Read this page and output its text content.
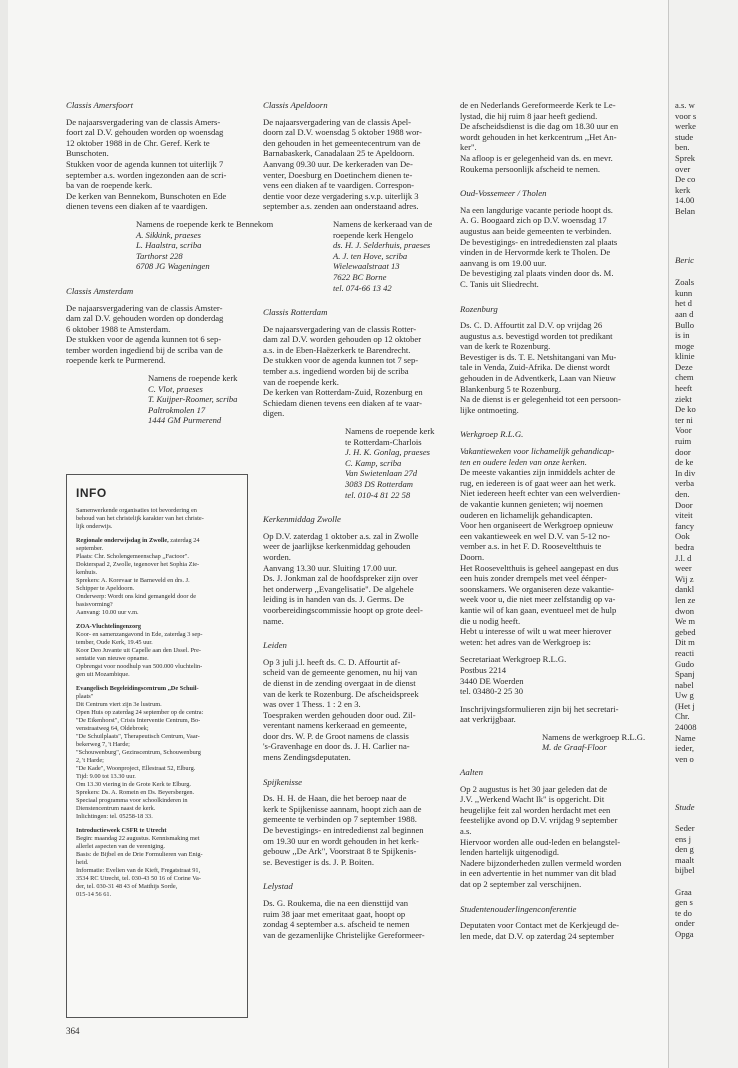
Classis Amersfoort

De najaarsvergadering van de classis Amers-
foort zal D.V. gehouden worden op woensdag
12 oktober 1988 in de Chr. Geref. Kerk te
Bunschoten.
Stukken voor de agenda kunnen tot uiterlijk 7
september a.s. worden ingezonden aan de scri-
ba van de roepende kerk.
De kerken van Bennekom, Bunschoten en Ede
dienen tevens een diaken af te vaardigen.

Namens de roepende kerk te Bennekom
A. Sikkink, praeses
L. Haalstra, scriba
Tarthorst 228
6708 JG Wageningen
Classis Amsterdam

De najaarsvergadering van de classis Amster-
dam zal D.V. gehouden worden op donderdag
6 oktober 1988 te Amsterdam.
De stukken voor de agenda kunnen tot 6 sep-
tember worden ingediend bij de scriba van de
roepende kerk te Purmerend.

Namens de roepende kerk
C. Vlot, praeses
T. Kuijper-Roomer, scriba
Paltrokmolen 17
1444 GM Purmerend
INFO
Samenwerkende organisaties tot bevordering en
behoud van het christelijk karakter van het christe-
lijk onderwijs.
Regionale onderwijsdag in Zwolle, zaterdag 24
september.
Plaats: Chr. Scholengemeenschap ,,Factoor".
Dokterspad 2, Zwolle, tegenover het Sophia Zie-
kenhuis.
Sprekers: A. Korevaar te Barneveld en drs. J.
Schipper te Apeldoorn.
Onderwerp: Wordt ons kind gemangeld door de
basisvorming?
Aanvang: 10.00 uur v.m.
ZOA-Vluchtelingenzorg
Koor- en samenzangavond in Ede, zaterdag 3 sep-
tember, Oude Kerk, 19.45 uur.
Koor Deo Juvante uit Capelle aan den IJssel. Pre-
sentatie van nieuwe opname.
Opbrengst voor noodhulp van 500.000 vluchtelin-
gen uit Mozambique.
Evangelisch Begeleidingscentrum ,,De Schuil-
plaats"
Dit Centrum viert zijn 3e lustrum.
Open Huis op zaterdag 24 september op de centra:
"De Eikenhorst", Crisis Interventie Centrum, Bo-
venstraatweg 64, Oldebroek;
"De Schuilplaats", Therapeutisch Centrum, Vaar-
bekerweg 7, 't Harde;
"Schouwenburg", Gezinscentrum, Schouwenburg
2, 't Harde;
"De Kade", Woonproject, Ellestraat 52, Elburg.
Tijd: 9.00 tot 13.30 uur.
Om 13.30 viering in de Grote Kerk te Elburg.
Sprekers: Ds. A. Romein en Ds. Beyersbergen.
Speciaal programma voor schoolkinderen in
Dienstencentrum naast de kerk.
Inlichtingen: tel. 05258-18 33.
Introductieweek CSFR te Utrecht
Begin: maandag 22 augustus. Kennismaking met
allerlei aspecten van de vereniging.
Basis: de Bijbel en de Drie Formulieren van Enig-
heid.
Informatie: Evelien van de Kieft, Fregatstraat 91,
3534 RC Utrecht, tel. 030-43 50 16 of Corine Va-
der, tel. 030-31 48 43 of Matthijs Sorde,
015-14 56 61.
Classis Apeldoorn

De najaarsvergadering van de classis Apel-
doorn zal D.V. woensdag 5 oktober 1988 wor-
den gehouden in het gemeentecentrum van de
Barnabaskerk, Canadalaan 25 te Apeldoorn.
Aanvang 09.30 uur. De kerkeraden van De-
venter, Doesburg en Doetinchem dienen te-
vens een diaken af te vaardigen. Correspon-
dentie voor deze vergadering s.v.p. uiterlijk 3
september a.s. zenden aan onderstaand adres.

Namens de kerkeraad van de
roepende kerk Hengelo
ds. H. J. Selderhuis, praeses
A. J. ten Hove, scriba
Wielewaalstraat 13
7622 BC Borne
tel. 074-66 13 42
Classis Rotterdam

De najaarsvergadering van de classis Rotter-
dam zal D.V. worden gehouden op 12 oktober
a.s. in de Eben-Haëzerkerk te Barendrecht.
De stukken voor de agenda kunnen tot 7 sep-
tember a.s. ingediend worden bij de scriba
van de roepende kerk.
De kerken van Rotterdam-Zuid, Rozenburg en
Schiedam dienen tevens een diaken af te vaar-
digen.

Namens de roepende kerk
te Rotterdam-Charlois
J. H. K. Gonlag, praeses
C. Kamp, scriba
Van Swietenlaan 27d
3083 DS Rotterdam
tel. 010-4 81 22 58
Kerkenmiddag Zwolle

Op D.V. zaterdag 1 oktober a.s. zal in Zwolle
weer de jaarlijkse kerkenmiddag gehouden
worden.
Aanvang 13.30 uur. Sluiting 17.00 uur.
Ds. J. Jonkman zal de hoofdspreker zijn over
het onderwerp ,,Evangelisatie". De algehele
leiding is in handen van ds. J. Germs. De
voorbereidingscommissie hoopt op grote deel-
name.

Leiden

Op 3 juli j.l. heeft ds. C. D. Affourtit af-
scheid van de gemeente genomen, nu hij van
de dienst in de zending overgaat in de dienst
van de kerk te Rozenburg. De afscheidspreek
was over 1 Thess. 1 : 2 en 3.
Toespraken werden gehouden door oud. Zil-
verentant namens kerkeraad en gemeente,
door drs. W. P. de Groot namens de classis
's-Gravenhage en door ds. J. H. Carlier na-
mens Zendingsdeputaten.

Spijkenisse

Ds. H. H. de Haan, die het beroep naar de
kerk te Spijkenisse aannam, hoopt zich aan de
gemeente te verbinden op 7 september 1988.
De bevestigings- en intrededienst zal beginnen
om 19.30 uur en wordt gehouden in het kerk-
gebouw ,,De Ark", Voorstraat 8 te Spijkenis-
se. Bevestiger is ds. J. P. Boiten.

Lelystad

Ds. G. Roukema, die na een diensttijd van
ruim 38 jaar met emeritaat gaat, hoopt op
zondag 4 september a.s. afscheid te nemen
van de gezamenlijke Christelijke Gereformeer-

de en Nederlands Gereformeerde Kerk te Le-
lystad, die hij ruim 8 jaar heeft gediend.
De afscheidsdienst is die dag om 18.30 uur en
wordt gehouden in het kerkcentrum ,,Het An-
ker".
Na afloop is er gelegenheid van ds. en mevr.
Roukema persoonlijk afscheid te nemen.

Oud-Vossemeer / Tholen

Na een langdurige vacante periode hoopt ds.
A. G. Boogaard zich op D.V. woensdag 17
augustus aan beide gemeenten te verbinden.
De bevestigings- en intredediensten zal plaats
vinden in de Hervormde kerk te Tholen. De
aanvang is om 19.00 uur.
De bevestiging zal plaats vinden door ds. M.
C. Tanis uit Sliedrecht.

Rozenburg

Ds. C. D. Affourtit zal D.V. op vrijdag 26
augustus a.s. bevestigd worden tot predikant
van de kerk te Rozenburg.
Bevestiger is ds. T. E. Netshitangani van Mu-
tale in Venda, Zuid-Afrika. De dienst wordt
gehouden in de Adventkerk, Laan van Nieuw
Blankenburg 5 te Rozenburg.
Na de dienst is er gelegenheid tot een persoon-
lijke ontmoeting.

Werkgroep R.L.G.

Vakantieweken voor lichamelijk gehandicap-
ten en oudere leden van onze kerken.

De meeste vakanties zijn inmiddels achter de
rug, en iedereen is of gaat weer aan het werk.
Niet iedereen heeft echter van een welverdien-
de vakantie kunnen genieten; wij noemen
ouderen en lichamelijk gehandicapten.
Voor hen organiseert de Werkgroep opnieuw
een vakantieweek en wel D.V. van 5-12 no-
vember a.s. in het F. D. Rooseveltthuis te
Doorn.
Het Rooseveltthuis is geheel aangepast en dus
een huis zonder drempels met veel éénper-
soonskamers. We organiseren deze vakantie-
week voor u, die niet meer zelfstandig op va-
kantie wil of kan gaan, eventueel met de hulp
die u nodig heeft.
Hebt u interesse of wilt u wat meer hierover
weten: het adres van de Werkgroep is:

Secretariaat Werkgroep R.L.G.
Postbus 2214
3440 DE Woerden
tel. 03480-2 25 30

Inschrijvingsformulieren zijn bij het secretari-
aat verkrijgbaar.

Namens de werkgroep R.L.G.
M. de Graaf-Floor
Aalten

Op 2 augustus is het 30 jaar geleden dat de
J.V. ,,Werkend Wacht Ik" is opgericht. Dit
heugelijke feit zal worden herdacht met een
feestelijke avond op D.V. vrijdag 9 september
a.s.
Hiervoor worden alle oud-leden en belangstel-
lenden hartelijk uitgenodigd.
Nadere bijzonderheden zullen vermeld worden
in een advertentie in het nummer van dit blad
dat op 2 september zal verschijnen.

Studentenouderlingenconferentie

Deputaten voor Contact met de Kerkjeugd de-
len mede, dat D.V. op zaterdag 24 september

364
a.s. w
voor s
werke
stude
ben.
Sprek
over
De co
kerk
14.00
Belan
Beric
Zoals
kunn
het d
aan d
Bullo
is in
moge
klinie
Deze
chem
heeft
ziekt
De ko
ter ni
Voor
ruim
door
de ke
In div
verba
den.
Door
viteit
fancy
Ook
bedra
J.l. d
weer
Wij z
dankl
len ze
dwon
We m
gebed
Dit m
reacti
Gudo
Spanj
nabel
Uw g
(Het j
Chr.
24008
Name
ieder,
ven o
Stude
Seder
ens j
den g
maalt
bijbel

Graa
gen s
te do
onder
Opga
